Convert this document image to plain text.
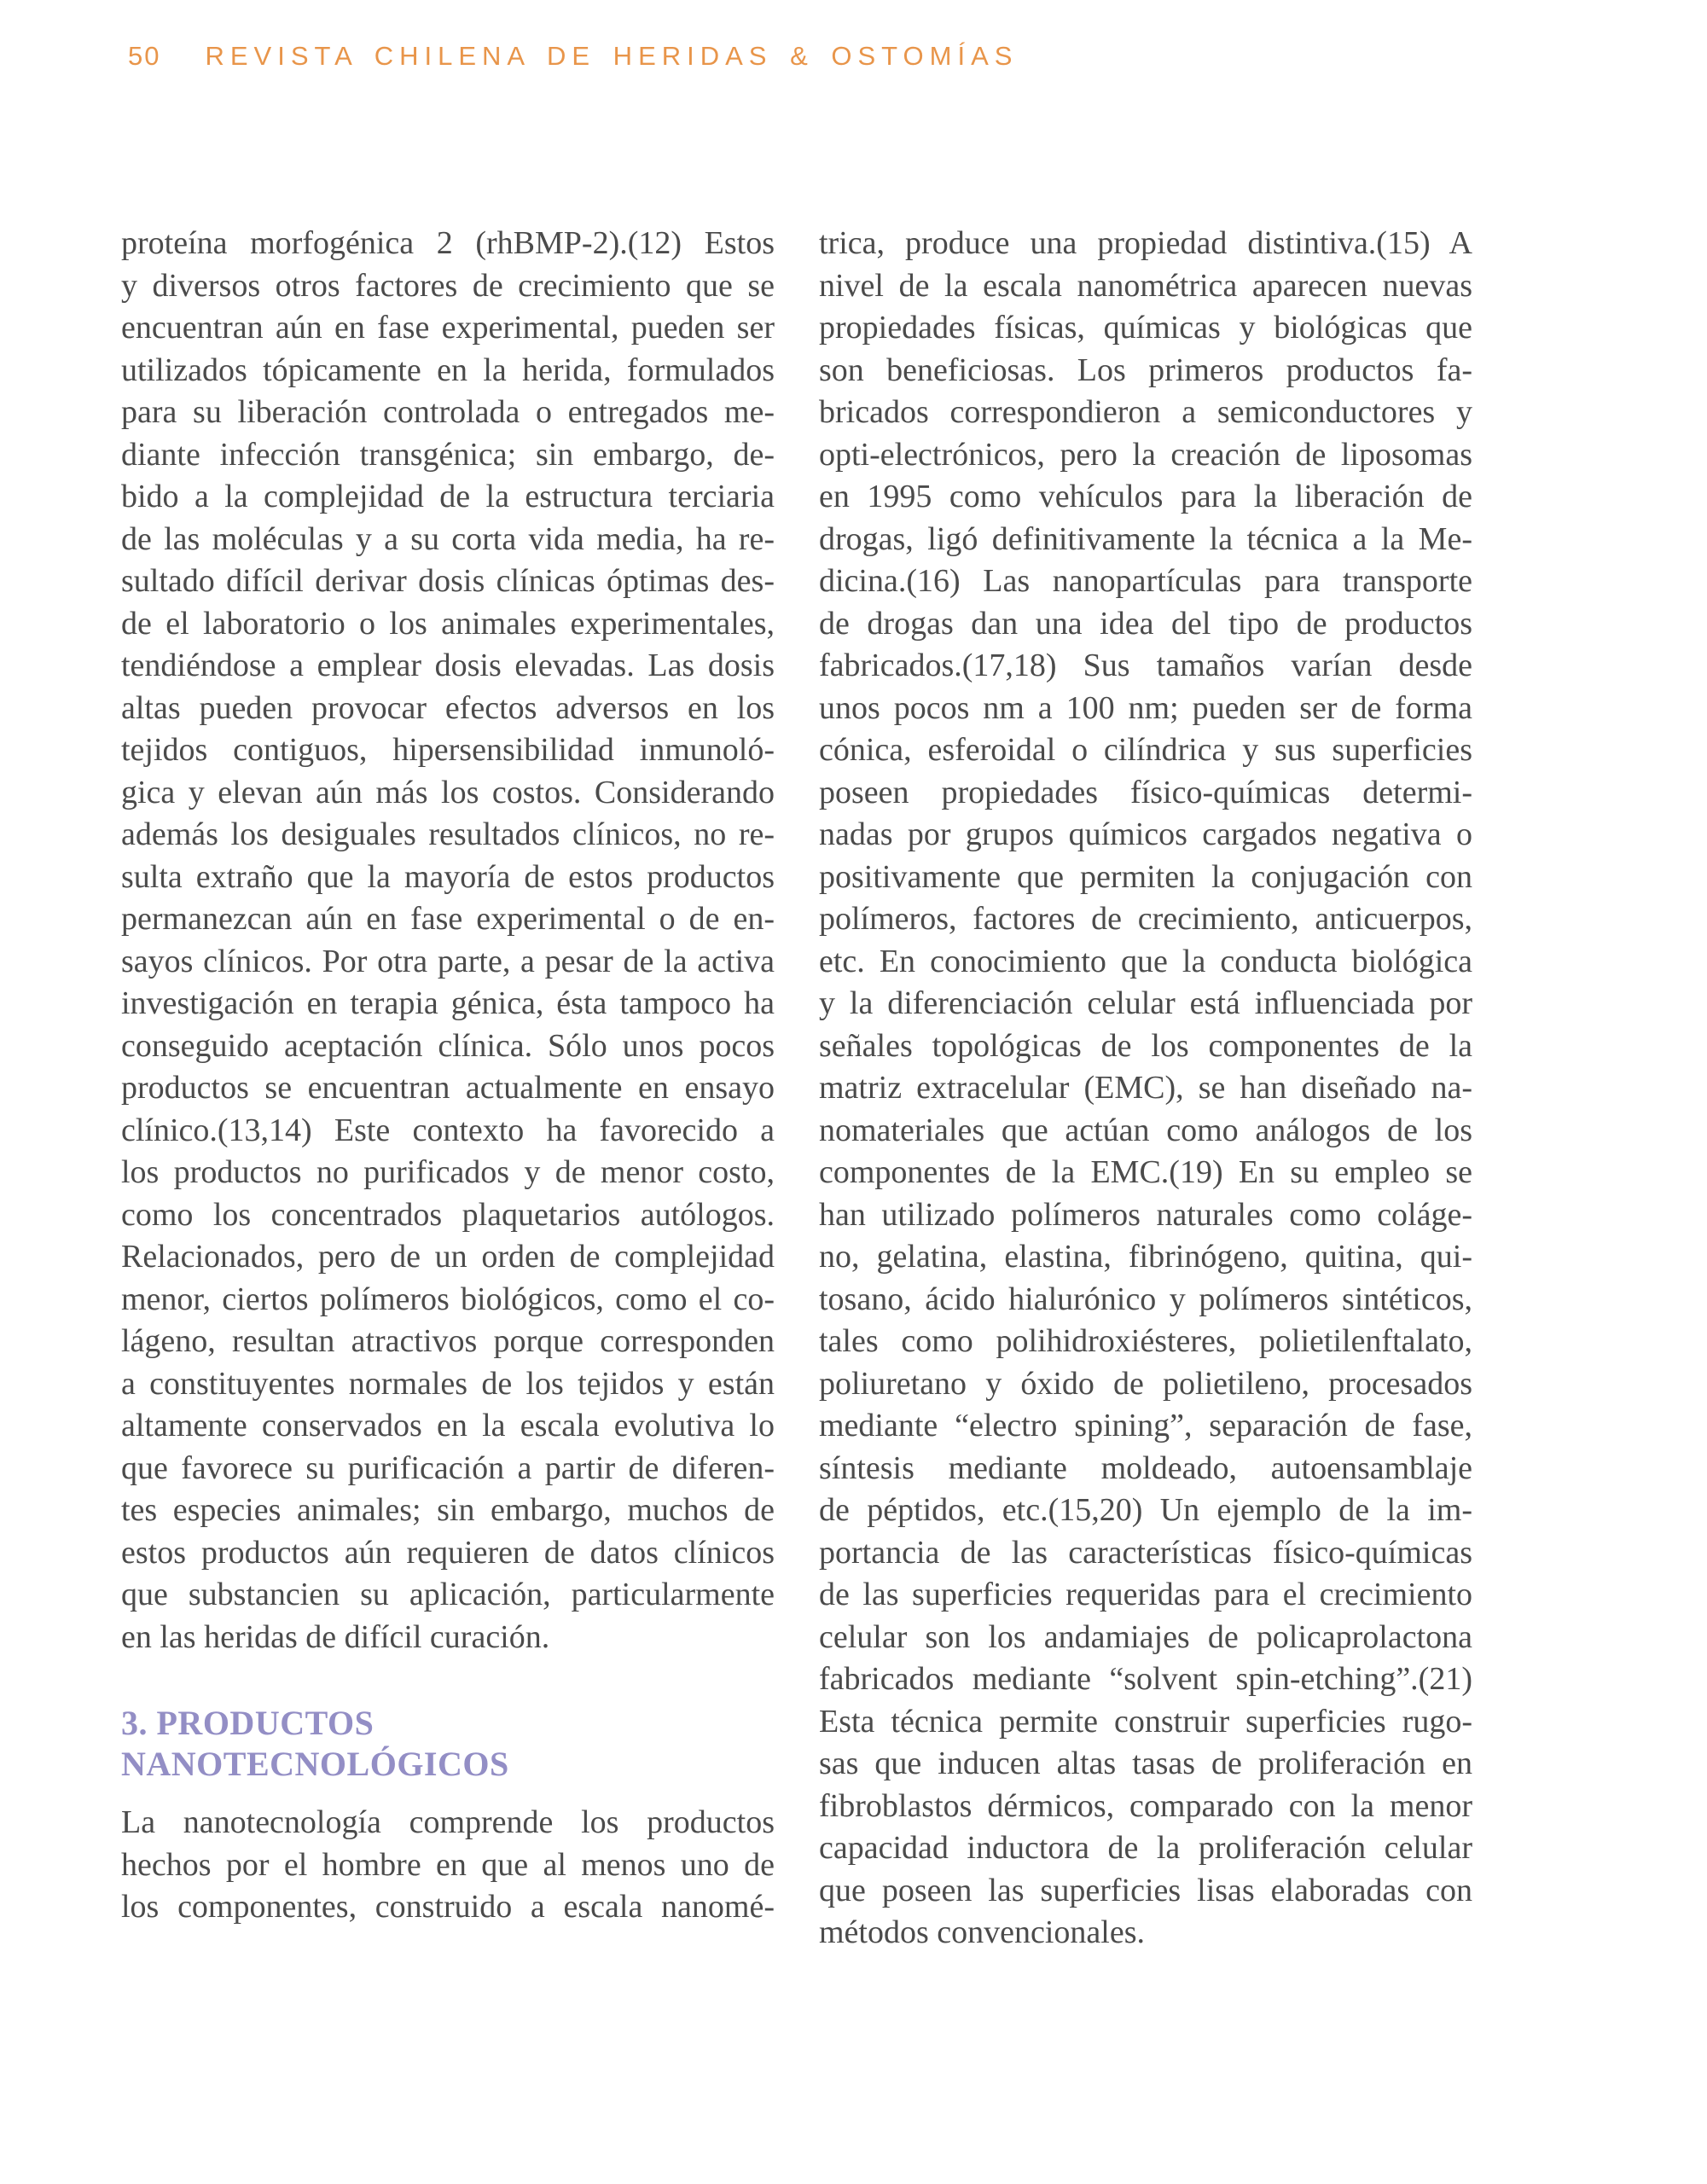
50 REVISTA CHILENA DE HERIDAS & OSTOMÍAS
proteína morfogénica 2 (rhBMP-2).(12) Estos
y diversos otros factores de crecimiento que se
encuentran aún en fase experimental, pueden ser
utilizados tópicamente en la herida, formulados
para su liberación controlada o entregados me-
diante infección transgénica; sin embargo, de-
bido a la complejidad de la estructura terciaria
de las moléculas y a su corta vida media, ha re-
sultado difícil derivar dosis clínicas óptimas des-
de el laboratorio o los animales experimentales,
tendiéndose a emplear dosis elevadas. Las dosis
altas pueden provocar efectos adversos en los
tejidos contiguos, hipersensibilidad inmunoló-
gica y elevan aún más los costos. Considerando
además los desiguales resultados clínicos, no re-
sulta extraño que la mayoría de estos productos
permanezcan aún en fase experimental o de en-
sayos clínicos. Por otra parte, a pesar de la activa
investigación en terapia génica, ésta tampoco ha
conseguido aceptación clínica. Sólo unos pocos
productos se encuentran actualmente en ensayo
clínico.(13,14) Este contexto ha favorecido a
los productos no purificados y de menor costo,
como los concentrados plaquetarios autólogos.
Relacionados, pero de un orden de complejidad
menor, ciertos polímeros biológicos, como el co-
lágeno, resultan atractivos porque corresponden
a constituyentes normales de los tejidos y están
altamente conservados en la escala evolutiva lo
que favorece su purificación a partir de diferen-
tes especies animales; sin embargo, muchos de
estos productos aún requieren de datos clínicos
que substancien su aplicación, particularmente
en las heridas de difícil curación.
3. PRODUCTOS
NANOTECNOLÓGICOS
La nanotecnología comprende los productos
hechos por el hombre en que al menos uno de
los componentes, construido a escala nanomé-
trica, produce una propiedad distintiva.(15) A
nivel de la escala nanométrica aparecen nuevas
propiedades físicas, químicas y biológicas que
son beneficiosas. Los primeros productos fa-
bricados correspondieron a semiconductores y
opti-electrónicos, pero la creación de liposomas
en 1995 como vehículos para la liberación de
drogas, ligó definitivamente la técnica a la Me-
dicina.(16) Las nanopartículas para transporte
de drogas dan una idea del tipo de productos
fabricados.(17,18) Sus tamaños varían desde
unos pocos nm a 100 nm; pueden ser de forma
cónica, esferoidal o cilíndrica y sus superficies
poseen propiedades físico-químicas determi-
nadas por grupos químicos cargados negativa o
positivamente que permiten la conjugación con
polímeros, factores de crecimiento, anticuerpos,
etc. En conocimiento que la conducta biológica
y la diferenciación celular está influenciada por
señales topológicas de los componentes de la
matriz extracelular (EMC), se han diseñado na-
nomateriales que actúan como análogos de los
componentes de la EMC.(19) En su empleo se
han utilizado polímeros naturales como coláge-
no, gelatina, elastina, fibrinógeno, quitina, qui-
tosano, ácido hialurónico y polímeros sintéticos,
tales como polihidroxiésteres, polietilenftalato,
poliuretano y óxido de polietileno, procesados
mediante “electro spining”, separación de fase,
síntesis mediante moldeado, autoensamblaje
de péptidos, etc.(15,20) Un ejemplo de la im-
portancia de las características físico-químicas
de las superficies requeridas para el crecimiento
celular son los andamiajes de policaprolactona
fabricados mediante “solvent spin-etching”.(21)
Esta técnica permite construir superficies rugo-
sas que inducen altas tasas de proliferación en
fibroblastos dérmicos, comparado con la menor
capacidad inductora de la proliferación celular
que poseen las superficies lisas elaboradas con
métodos convencionales.
